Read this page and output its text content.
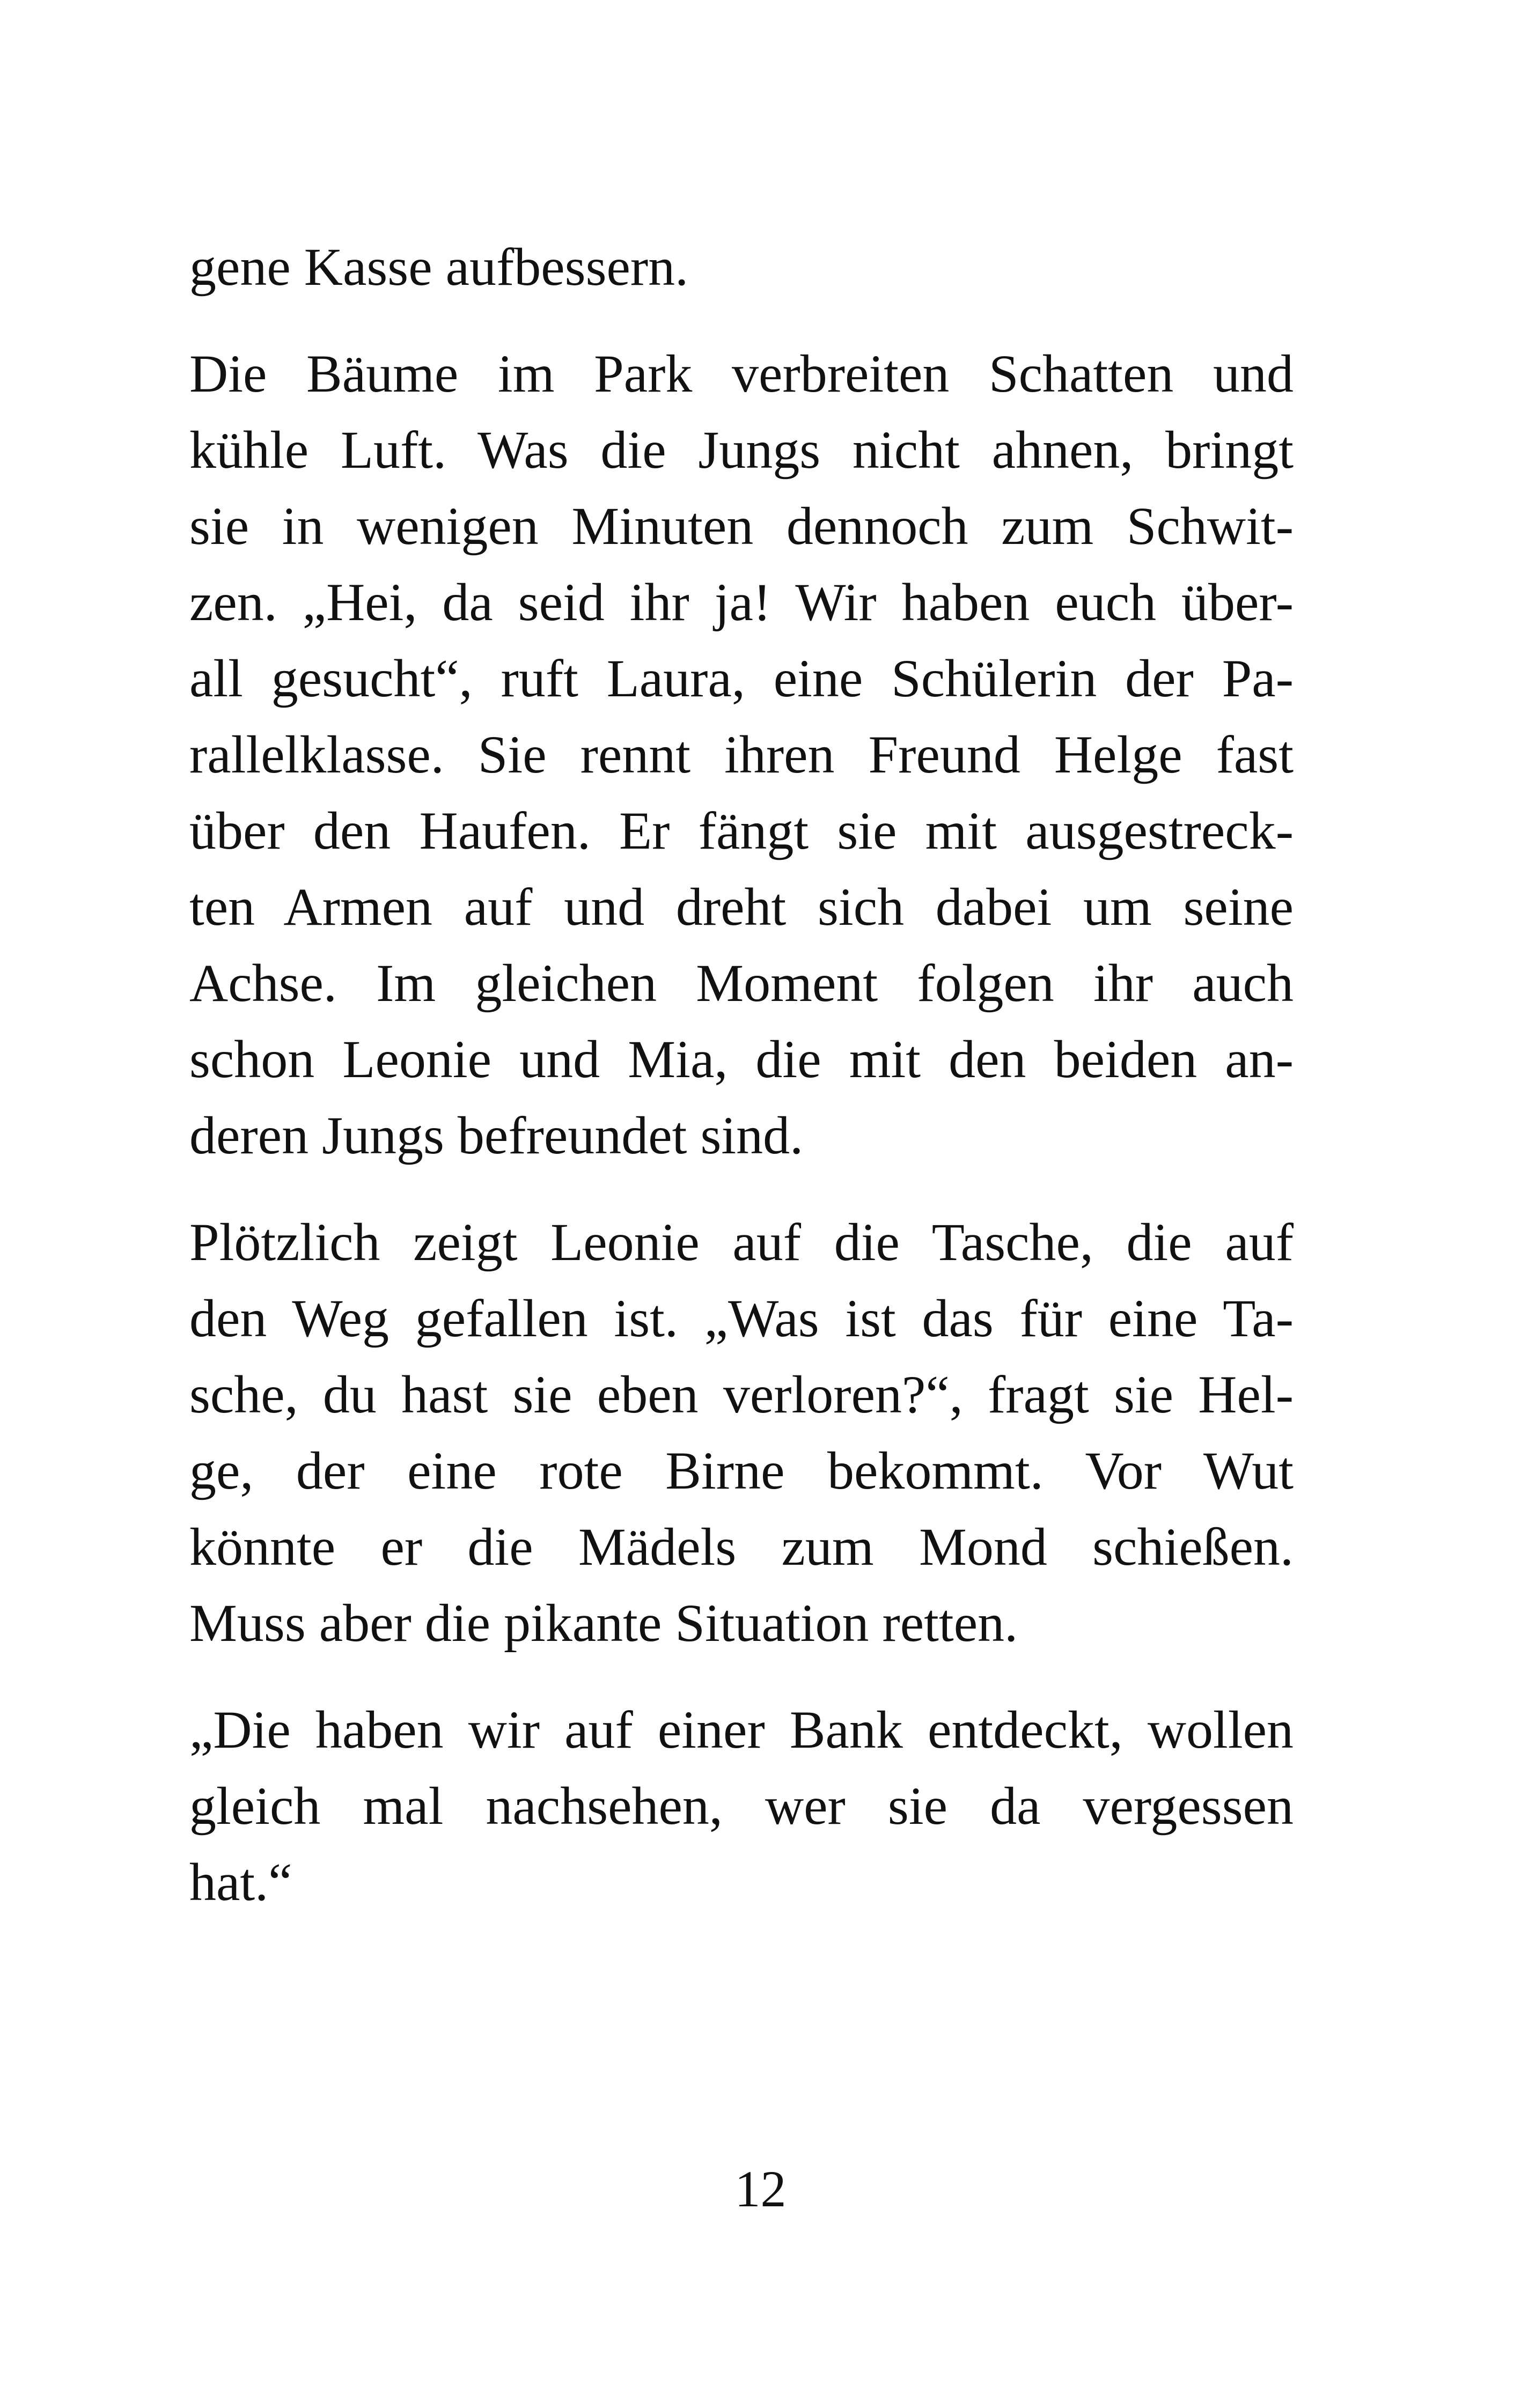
gene Kasse aufbessern.

Die Bäume im Park verbreiten Schatten und
kühle Luft. Was die Jungs nicht ahnen, bringt
sie in wenigen Minuten dennoch zum Schwit-
zen. „Hei, da seid ihr ja! Wir haben euch über-
all gesucht“, ruft Laura, eine Schülerin der Pa-
rallelklasse. Sie rennt ihren Freund Helge fast
über den Haufen. Er fängt sie mit ausgestreck-
ten Armen auf und dreht sich dabei um seine
Achse. Im gleichen Moment folgen ihr auch
schon Leonie und Mia, die mit den beiden an-
deren Jungs befreundet sind.

Plötzlich zeigt Leonie auf die Tasche, die auf
den Weg gefallen ist. „Was ist das für eine Ta-
sche, du hast sie eben verloren?“, fragt sie Hel-
ge, der eine rote Birne bekommt. Vor Wut
könnte er die Mädels zum Mond schießen.
Muss aber die pikante Situation retten.

„Die haben wir auf einer Bank entdeckt, wollen
gleich mal nachsehen, wer sie da vergessen
hat.“

12
